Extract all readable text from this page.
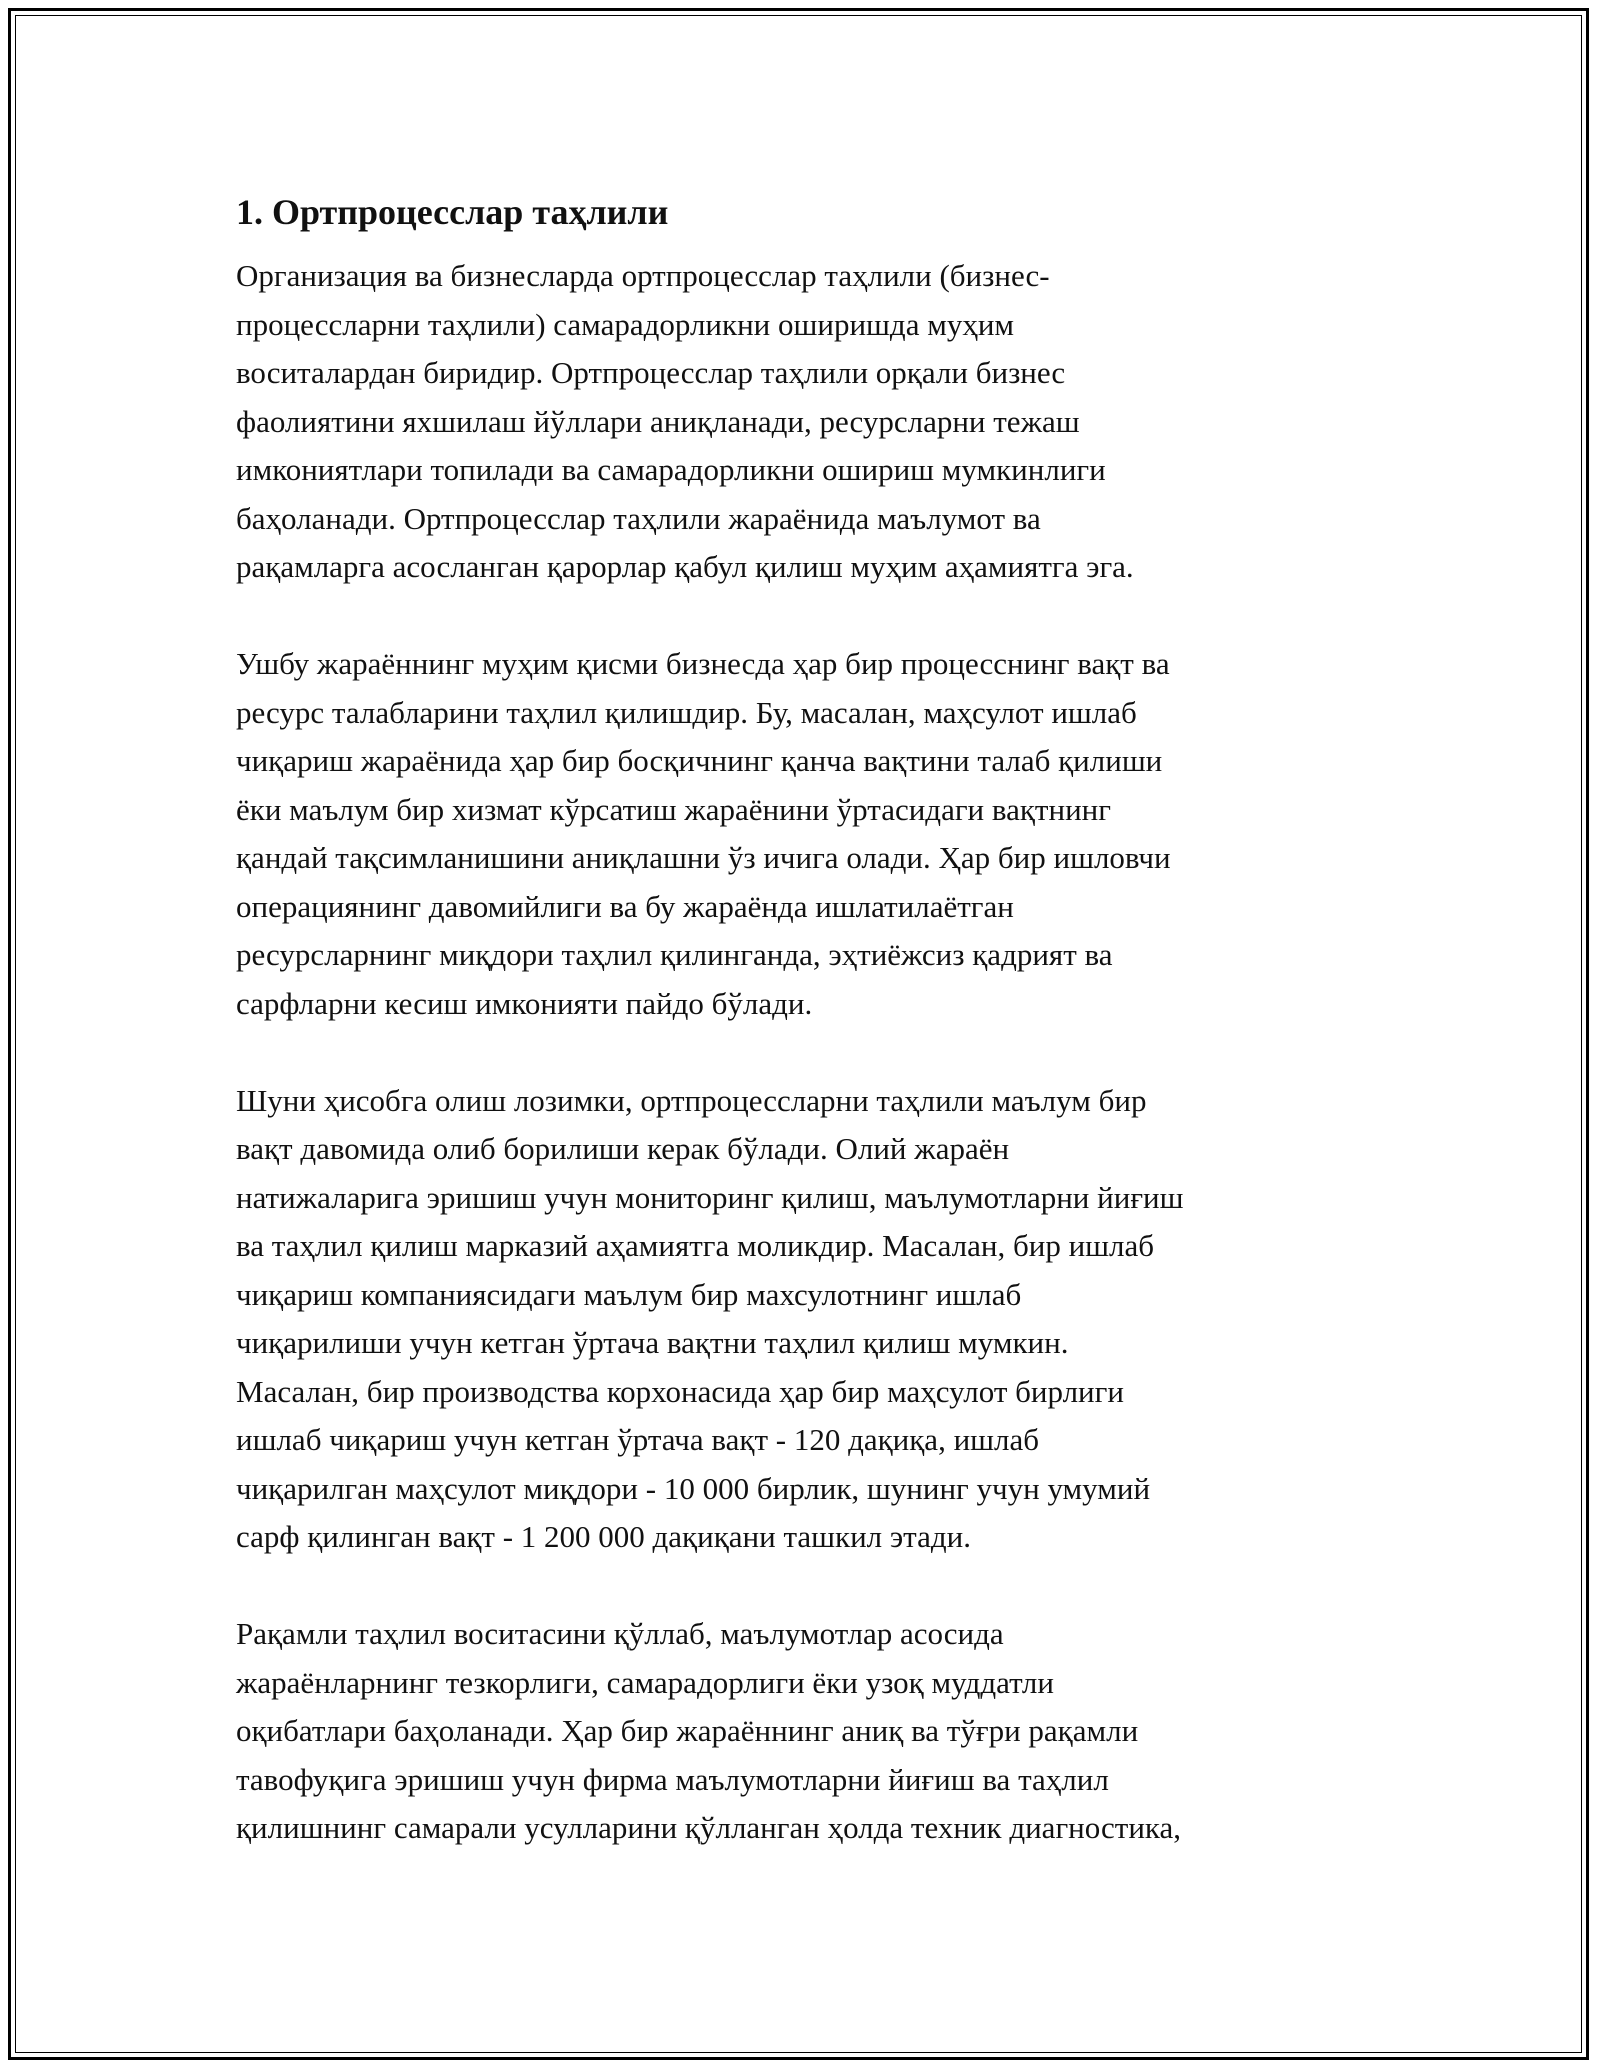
1. Ортпроцесслар таҳлили

Организация ва бизнесларда ортпроцесслар таҳлили (бизнес-
процессларни таҳлили) самарадорликни оширишда муҳим
воситалардан биридир. Ортпроцесслар таҳлили орқали бизнес
фаолиятини яхшилаш йўллари аниқланади, ресурсларни тежаш
имкониятлари топилади ва самарадорликни ошириш мумкинлиги
баҳоланади. Ортпроцесслар таҳлили жараёнида маълумот ва
рақамларга асосланган қарорлар қабул қилиш муҳим аҳамиятга эга.

Ушбу жараённинг муҳим қисми бизнесда ҳар бир процесснинг вақт ва
ресурс талабларини таҳлил қилишдир. Бу, масалан, маҳсулот ишлаб
чиқариш жараёнида ҳар бир босқичнинг қанча вақтини талаб қилиши
ёки маълум бир хизмат кўрсатиш жараёнини ўртасидаги вақтнинг
қандай тақсимланишини аниқлашни ўз ичига олади. Ҳар бир ишловчи
операциянинг давомийлиги ва бу жараёнда ишлатилаётган
ресурсларнинг миқдори таҳлил қилинганда, эҳтиёжсиз қадрият ва
сарфларни кесиш имконияти пайдо бўлади.

Шуни ҳисобга олиш лозимки, ортпроцессларни таҳлили маълум бир
вақт давомида олиб борилиши керак бўлади. Олий жараён
натижаларига эришиш учун мониторинг қилиш, маълумотларни йиғиш
ва таҳлил қилиш марказий аҳамиятга моликдир. Масалан, бир ишлаб
чиқариш компаниясидаги маълум бир махсулотнинг ишлаб
чиқарилиши учун кетган ўртача вақтни таҳлил қилиш мумкин.
Масалан, бир производства корхонасида ҳар бир маҳсулот бирлиги
ишлаб чиқариш учун кетган ўртача вақт - 120 дақиқа, ишлаб
чиқарилган маҳсулот миқдори - 10 000 бирлик, шунинг учун умумий
сарф қилинган вақт - 1 200 000 дақиқани ташкил этади.

Рақамли таҳлил воситасини қўллаб, маълумотлар асосида
жараёнларнинг тезкорлиги, самарадорлиги ёки узоқ муддатли
оқибатлари баҳоланади. Ҳар бир жараённинг аниқ ва тўғри рақамли
тавофуқига эришиш учун фирма маълумотларни йиғиш ва таҳлил
қилишнинг самарали усулларини қўлланган ҳолда техник диагностика,
